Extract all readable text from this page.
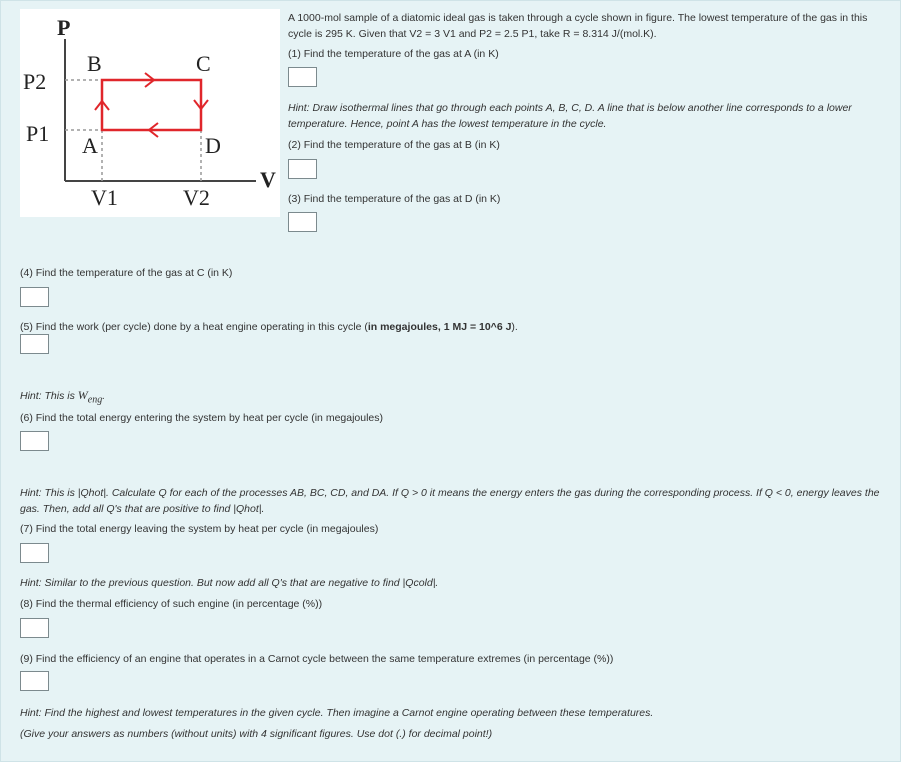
P
V
P2
P1
V1	V2
A
B	C
D
A 1000-mol sample of a diatomic ideal gas is taken through a cycle shown in figure. The lowest temperature of the gas in this cycle is 295 K. Given that V2 = 3 V1 and P2 = 2.5 P1, take R = 8.314 J/(mol.K).
(1) Find the temperature of the gas at A (in K)
Hint: Draw isothermal lines that go through each points A, B, C, D. A line that is below another line corresponds to a lower temperature. Hence, point A has the lowest temperature in the cycle.
(2) Find the temperature of the gas at B (in K)
(3) Find the temperature of the gas at D (in K)
(4) Find the temperature of the gas at C (in K)
(5) Find the work (per cycle) done by a heat engine operating in this cycle (in megajoules, 1 MJ = 10^6 J).
Hint: This is $W_{eng}$.
(6) Find the total energy entering the system by heat per cycle (in megajoules)
Hint: This is |Qhot|. Calculate Q for each of the processes AB, BC, CD, and DA. If Q > 0 it means the energy enters the gas during the corresponding process. If Q < 0, energy leaves the gas. Then, add all Q's that are positive to find |Qhot|.
(7) Find the total energy leaving the system by heat per cycle (in megajoules)
Hint: Similar to the previous question. But now add all Q's that are negative to find |Qcold|.
(8) Find the thermal efficiency of such engine (in percentage (%))
(9) Find the efficiency of an engine that operates in a Carnot cycle between the same temperature extremes (in percentage (%))
Hint: Find the highest and lowest temperatures in the given cycle. Then imagine a Carnot engine operating between these temperatures.
(Give your answers as numbers (without units) with 4 significant figures. Use dot (.) for decimal point!)
